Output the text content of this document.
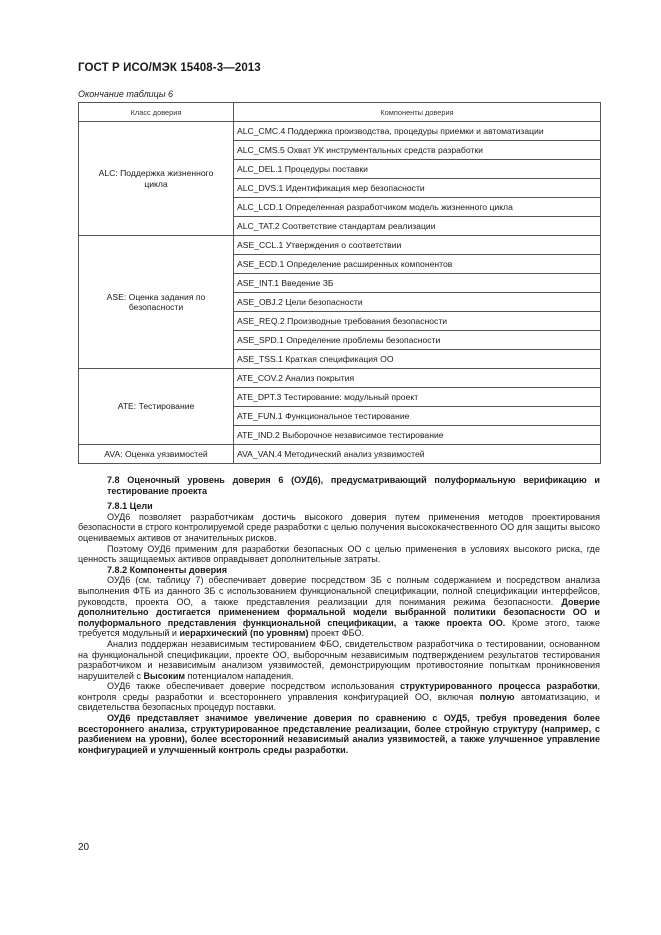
ГОСТ Р ИСО/МЭК 15408-3—2013
Окончание таблицы 6
Класс доверия	Компоненты доверия
ALC: Поддержка жизненного цикла	ALC_CMC.4 Поддержка производства, процедуры приемки и автоматизации
	ALC_CMS.5 Охват УК инструментальных средств разработки
	ALC_DEL.1 Процедуры поставки
	ALC_DVS.1 Идентификация мер безопасности
	ALC_LCD.1 Определенная разработчиком модель жизненного цикла
	ALC_TAT.2 Соответствие стандартам реализации
ASE: Оценка задания по безопасности	ASE_CCL.1 Утверждения о соответствии
	ASE_ECD.1 Определение расширенных компонентов
	ASE_INT.1 Введение ЗБ
	ASE_OBJ.2 Цели безопасности
	ASE_REQ.2 Производные требования безопасности
	ASE_SPD.1 Определение проблемы безопасности
	ASE_TSS.1 Краткая спецификация ОО
ATE: Тестирование	ATE_COV.2 Анализ покрытия
	ATE_DPT.3 Тестирование: модульный проект
	ATE_FUN.1 Функциональное тестирование
	ATE_IND.2 Выборочное независимое тестирование
AVA: Оценка уязвимостей	AVA_VAN.4 Методический анализ уязвимостей

7.8 Оценочный уровень доверия 6 (ОУД6), предусматривающий полуформальную верификацию и тестирование проекта

7.8.1 Цели

ОУД6 позволяет разработчикам достичь высокого доверия путем применения методов проектирования безопасности в строго контролируемой среде разработки с целью получения высококачественного ОО для защиты высоко оцениваемых активов от значительных рисков.

Поэтому ОУД6 применим для разработки безопасных ОО с целью применения в условиях высокого риска, где ценность защищаемых активов оправдывает дополнительные затраты.

7.8.2 Компоненты доверия

ОУД6 (см. таблицу 7) обеспечивает доверие посредством ЗБ с полным содержанием и посредством анализа выполнения ФТБ из данного ЗБ с использованием функциональной спецификации, полной спецификации интерфейсов, руководств, проекта ОО, а также представления реализации для понимания режима безопасности. Доверие дополнительно достигается применением формальной модели выбранной политики безопасности ОО и полуформального представления функциональной спецификации, а также проекта ОО. Кроме этого, также требуется модульный и иерархический (по уровням) проект ФБО.

Анализ поддержан независимым тестированием ФБО, свидетельством разработчика о тестировании, основанном на функциональной спецификации, проекте ОО, выборочным независимым подтверждением результатов тестирования разработчиком и независимым анализом уязвимостей, демонстрирующим противостояние попыткам проникновения нарушителей с Высоким потенциалом нападения.

ОУД6 также обеспечивает доверие посредством использования структурированного процесса разработки, контроля среды разработки и всестороннего управления конфигурацией ОО, включая полную автоматизацию, и свидетельства безопасных процедур поставки.

ОУД6 представляет значимое увеличение доверия по сравнению с ОУД5, требуя проведения более всестороннего анализа, структурированное представление реализации, более стройную структуру (например, с разбиением на уровни), более всесторонний независимый анализ уязвимостей, а также улучшенное управление конфигурацией и улучшенный контроль среды разработки.

20
